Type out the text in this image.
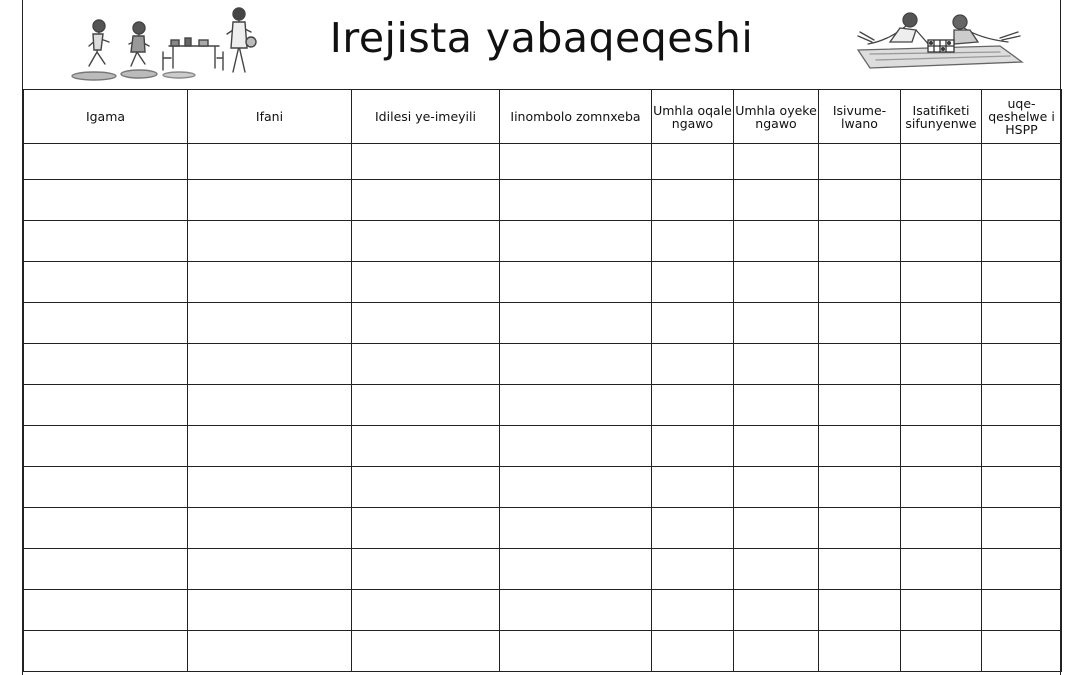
Irejista yabaqeqeshi
Igama	Ifani	Idilesi ye-imeyili	Iinombolo zomnxeba	Umhla oqale ngawo	Umhla oyeke ngawo	Isivume-lwano	Isatifiketi sifunyenwe	uqe-qeshelwe i HSPP
